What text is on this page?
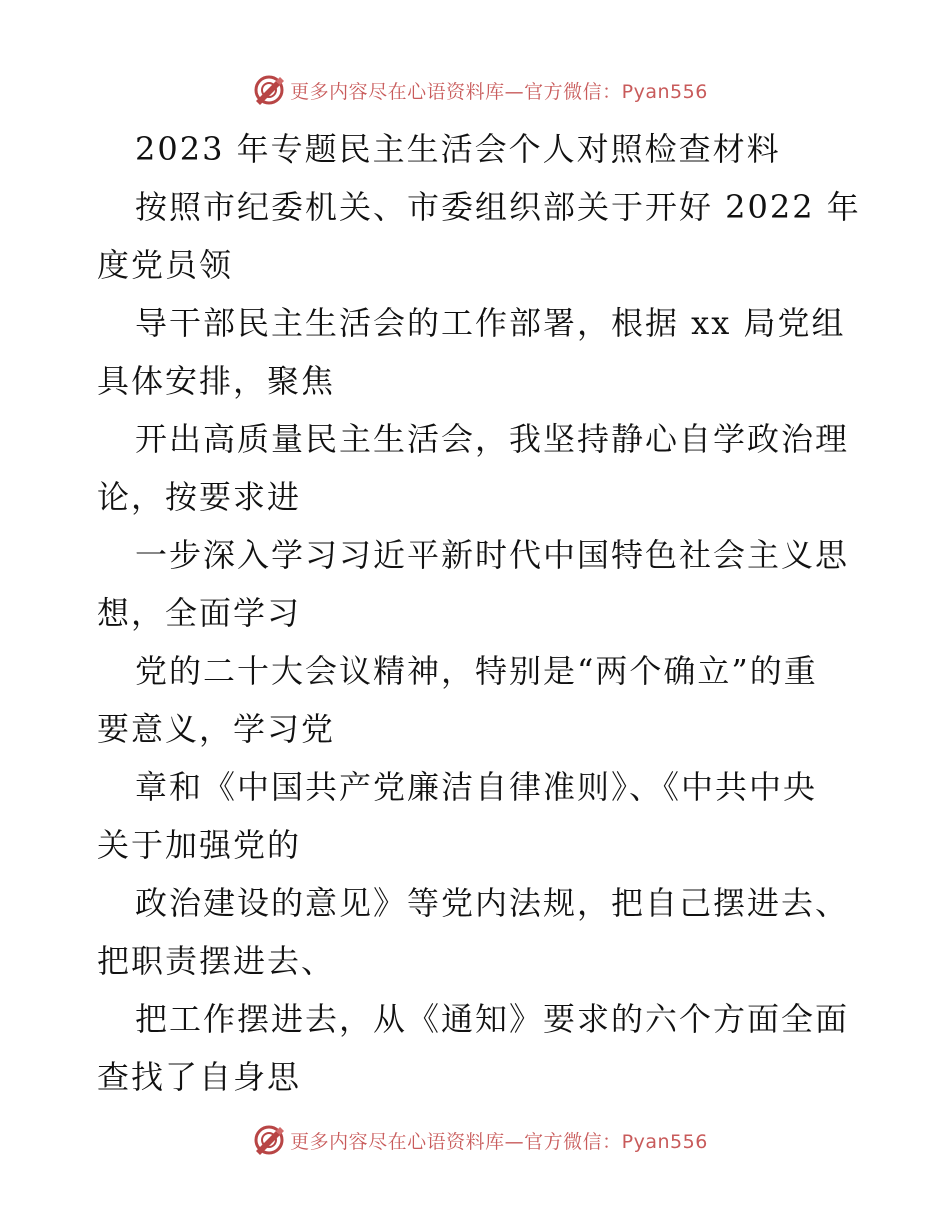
更多内容尽在心语资料库—官方微信：Pyan556

2023 年专题民主生活会个人对照检查材料

按照市纪委机关、市委组织部关于开好 2022 年

度党员领

导干部民主生活会的工作部署，根据 xx 局党组

具体安排，聚焦

开出高质量民主生活会，我坚持静心自学政治理

论，按要求进

一步深入学习习近平新时代中国特色社会主义思

想，全面学习

党的二十大会议精神，特别是“两个确立”的重

要意义，学习党

章和《中国共产党廉洁自律准则》、《中共中央

关于加强党的

政治建设的意见》等党内法规，把自己摆进去、

把职责摆进去、

把工作摆进去，从《通知》要求的六个方面全面

查找了自身思

更多内容尽在心语资料库—官方微信：Pyan556
